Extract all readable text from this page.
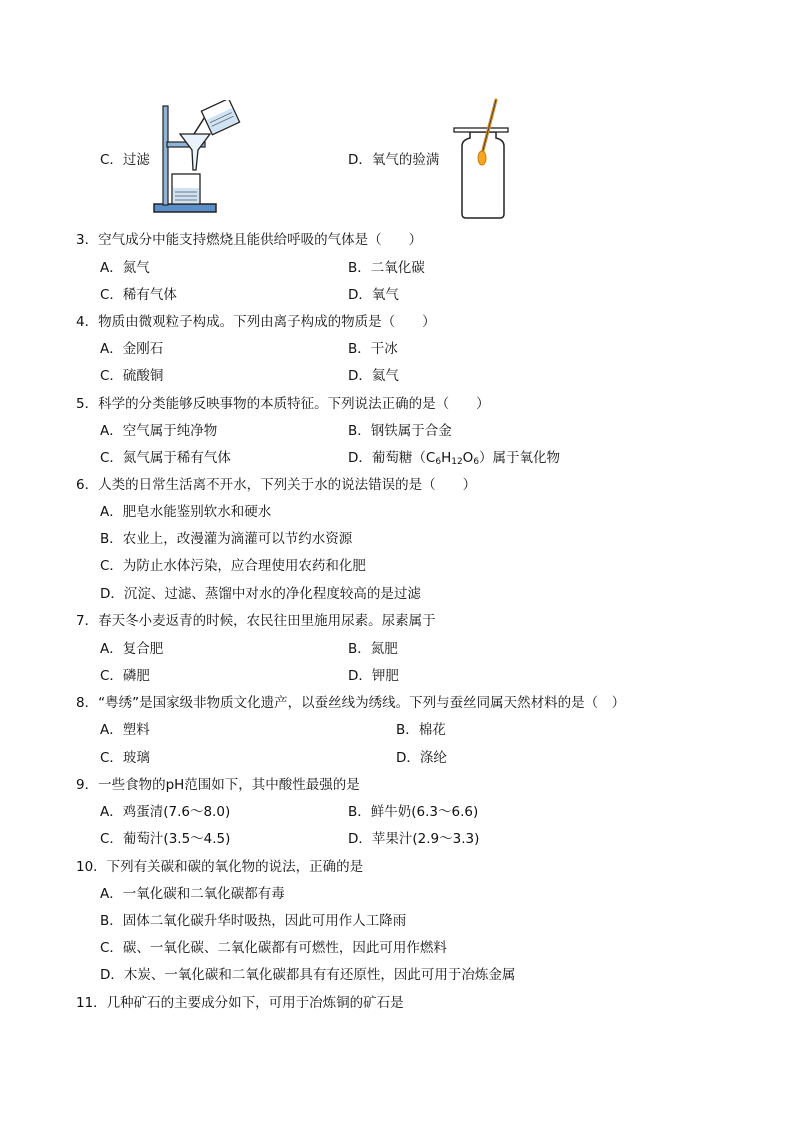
C．过滤	D．氧气的验满
3．空气成分中能支持燃烧且能供给呼吸的气体是（　　）
A．氮气	B．二氧化碳
C．稀有气体	D．氧气
4．物质由微观粒子构成。下列由离子构成的物质是（　　）
A．金刚石	B．干冰
C．硫酸铜	D．氦气
5．科学的分类能够反映事物的本质特征。下列说法正确的是（　　）
A．空气属于纯净物	B．钢铁属于合金
C．氮气属于稀有气体	D．葡萄糖$(C_6H_{12}O_6)$属于氧化物
6．人类的日常生活离不开水，下列关于水的说法错误的是（　　）
A．肥皂水能鉴别软水和硬水
B．农业上，改漫灌为滴灌可以节约水资源
C．为防止水体污染，应合理使用农药和化肥
D．沉淀、过滤、蒸馏中对水的净化程度较高的是过滤
7．春天冬小麦返青的时候，农民往田里施用尿素。尿素属于
A．复合肥	B．氮肥
C．磷肥	D．钾肥
8．“粤绣”是国家级非物质文化遗产，以蚕丝线为绣线。下列与蚕丝同属天然材料的是（　）
A．塑料	B．棉花
C．玻璃	D．涤纶
9．一些食物的pH范围如下，其中酸性最强的是
A．鸡蛋清(7.6～8.0)	B．鲜牛奶(6.3～6.6)
C．葡萄汁(3.5～4.5)	D．苹果汁(2.9～3.3)
10．下列有关碳和碳的氧化物的说法，正确的是
A．一氧化碳和二氧化碳都有毒
B．固体二氧化碳升华时吸热，因此可用作人工降雨
C．碳、一氧化碳、二氧化碳都有可燃性，因此可用作燃料
D．木炭、一氧化碳和二氧化碳都具有有还原性，因此可用于冶炼金属
11．几种矿石的主要成分如下，可用于冶炼铜的矿石是
